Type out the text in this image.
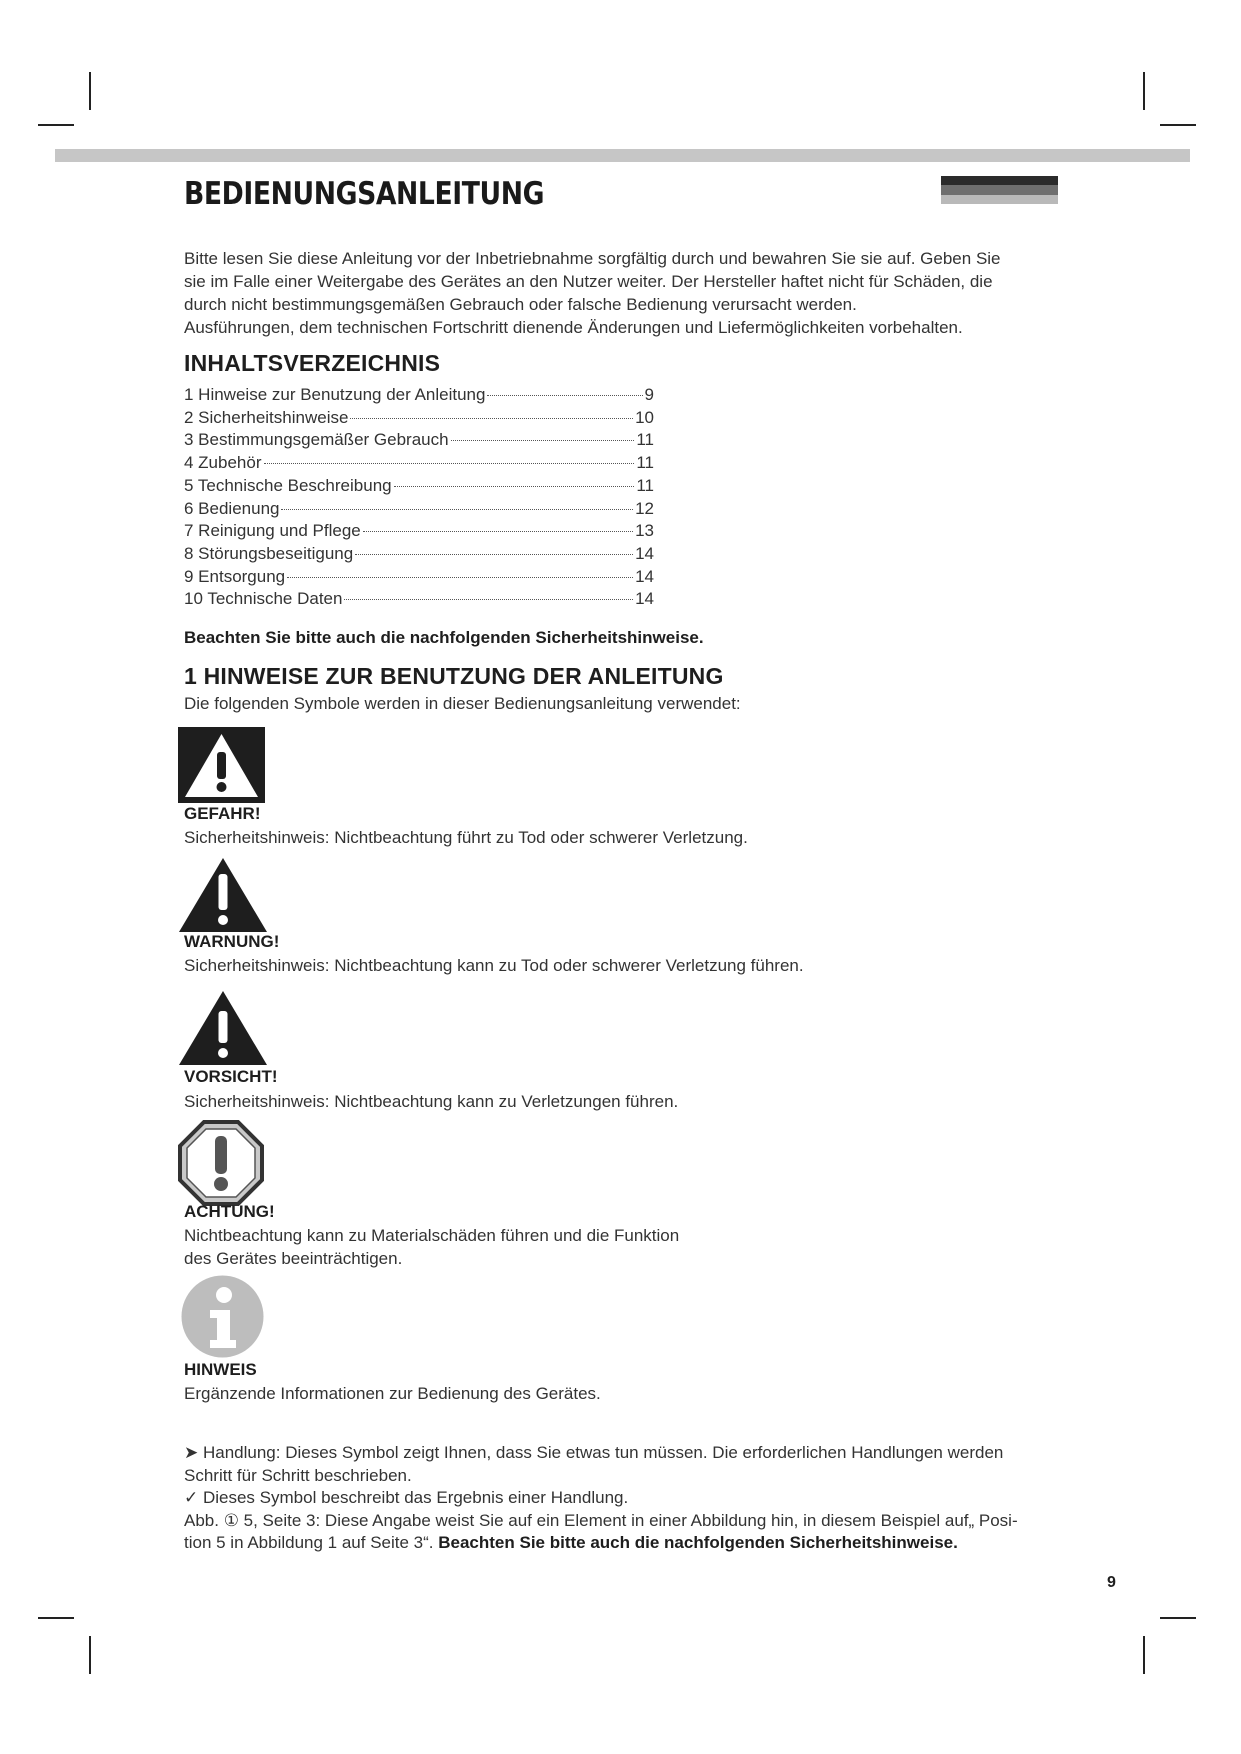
BEDIENUNGSANLEITUNG

Bitte lesen Sie diese Anleitung vor der Inbetriebnahme sorgfältig durch und bewahren Sie sie auf. Geben Sie

sie im Falle einer Weitergabe des Gerätes an den Nutzer weiter. Der Hersteller haftet nicht für Schäden, die

durch nicht bestimmungsgemäßen Gebrauch oder falsche Bedienung verursacht werden.

Ausführungen, dem technischen Fortschritt dienende Änderungen und Liefermöglichkeiten vorbehalten.

INHALTSVERZEICHNIS
1 Hinweise zur Benutzung der Anleitung	9
2 Sicherheitshinweise	10
3 Bestimmungsgemäßer Gebrauch	11
4 Zubehör	11
5 Technische Beschreibung	11
6 Bedienung	12
7 Reinigung und Pflege	13
8 Störungsbeseitigung	14
9 Entsorgung	14
10 Technische Daten	14

Beachten Sie bitte auch die nachfolgenden Sicherheitshinweise.

1 HINWEISE ZUR BENUTZUNG DER ANLEITUNG

Die folgenden Symbole werden in dieser Bedienungsanleitung verwendet:

GEFAHR!

Sicherheitshinweis: Nichtbeachtung führt zu Tod oder schwerer Verletzung.

WARNUNG!

Sicherheitshinweis: Nichtbeachtung kann zu Tod oder schwerer Verletzung führen.

VORSICHT!

Sicherheitshinweis: Nichtbeachtung kann zu Verletzungen führen.

ACHTUNG!

Nichtbeachtung kann zu Materialschäden führen und die Funktion

des Gerätes beeinträchtigen.

HINWEIS

Ergänzende Informationen zur Bedienung des Gerätes.

➤ Handlung: Dieses Symbol zeigt Ihnen, dass Sie etwas tun müssen. Die erforderlichen Handlungen werden

Schritt für Schritt beschrieben.

✓ Dieses Symbol beschreibt das Ergebnis einer Handlung.

Abb. ① 5, Seite 3: Diese Angabe weist Sie auf ein Element in einer Abbildung hin, in diesem Beispiel auf„ Posi-

tion 5 in Abbildung 1 auf Seite 3“. Beachten Sie bitte auch die nachfolgenden Sicherheitshinweise.

9
